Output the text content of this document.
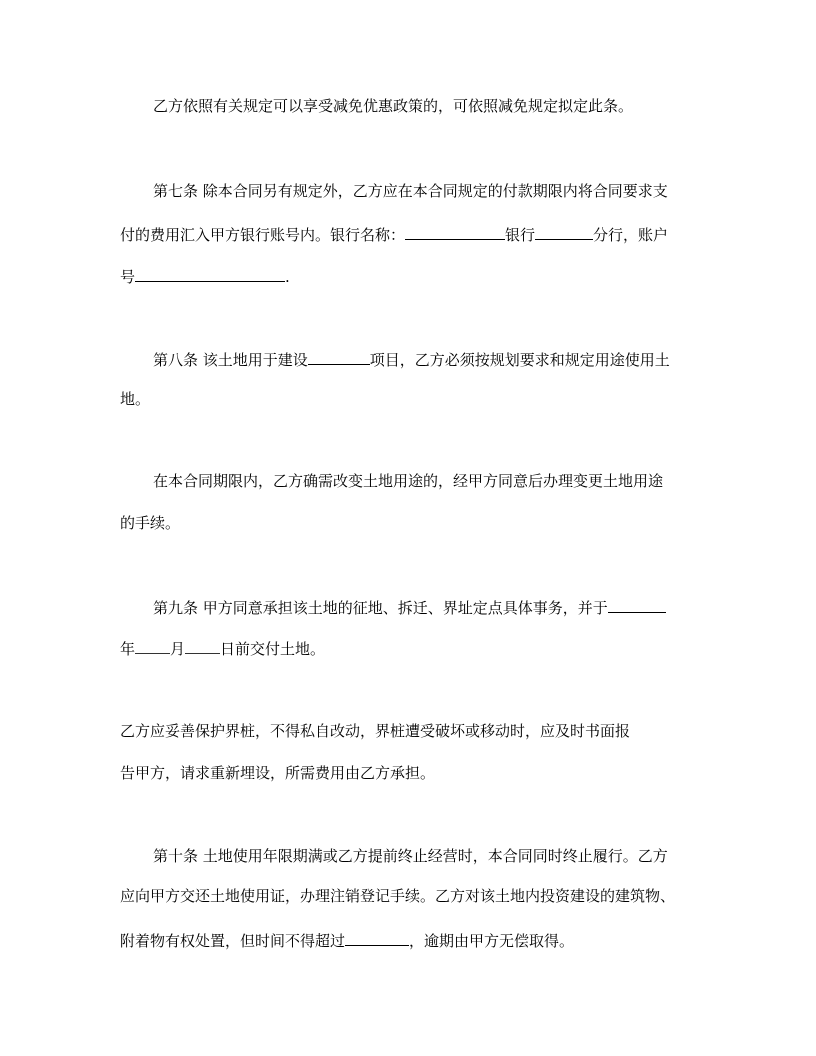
乙方依照有关规定可以享受减免优惠政策的，可依照减免规定拟定此条。
第七条 除本合同另有规定外，乙方应在本合同规定的付款期限内将合同要求支
付的费用汇入甲方银行账号内。银行名称：	银行	分行，账户
号	.
第八条 该土地用于建设	项目，乙方必须按规划要求和规定用途使用土
地。
在本合同期限内，乙方确需改变土地用途的，经甲方同意后办理变更土地用途
的手续。
第九条 甲方同意承担该土地的征地、拆迁、界址定点具体事务，并于
年 月 日前交付土地。
乙方应妥善保护界桩，不得私自改动，界桩遭受破坏或移动时，应及时书面报
告甲方，请求重新埋设，所需费用由乙方承担。
第十条 土地使用年限期满或乙方提前终止经营时，本合同同时终止履行。乙方
应向甲方交还土地使用证，办理注销登记手续。乙方对该土地内投资建设的建筑物、
附着物有权处置，但时间不得超过	，逾期由甲方无偿取得。
